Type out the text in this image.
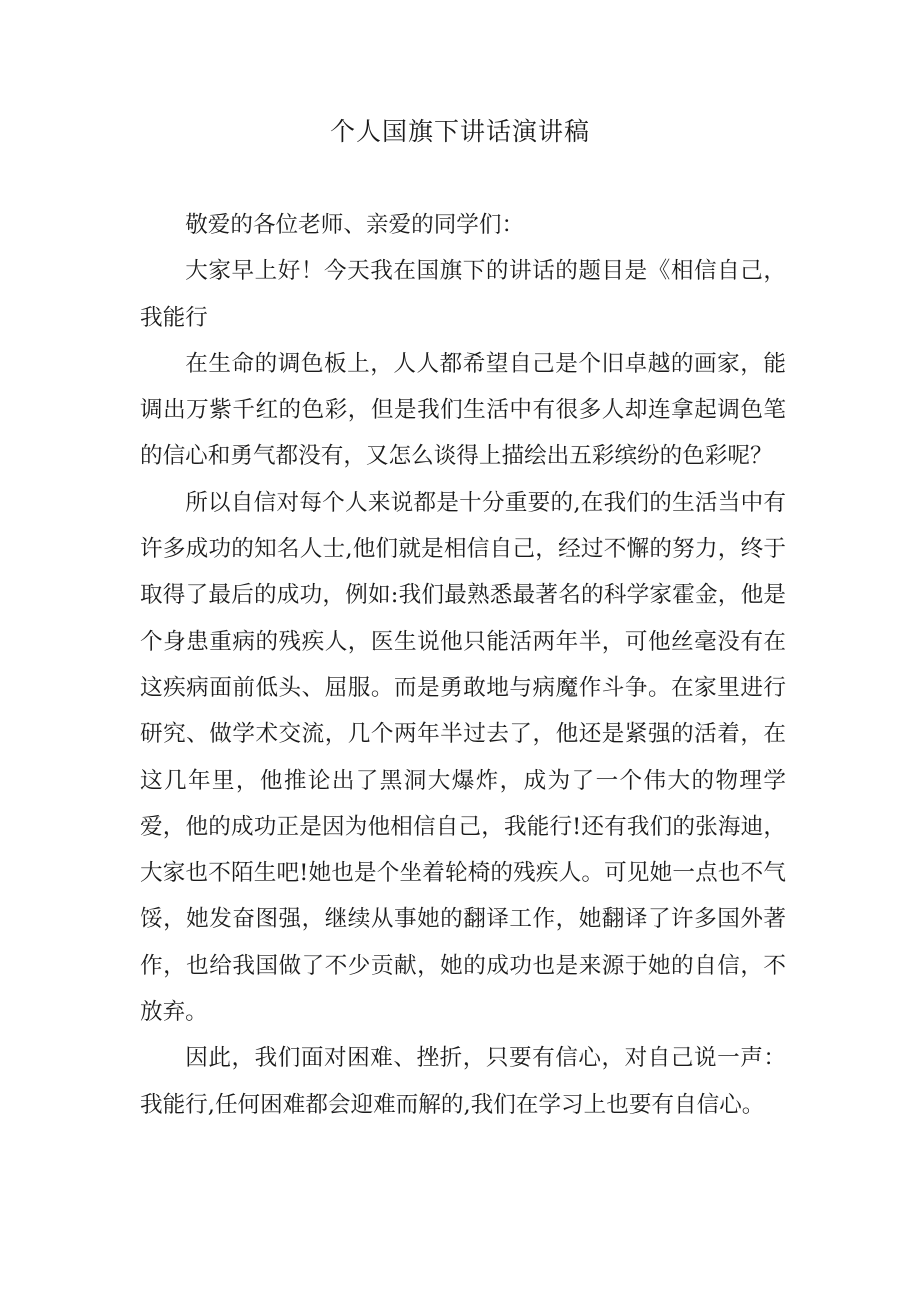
个人国旗下讲话演讲稿

敬爱的各位老师、亲爱的同学们：

大家早上好！今天我在国旗下的讲话的题目是《相信自己，我能行

在生命的调色板上，人人都希望自己是个旧卓越的画家，能调出万紫千红的色彩，但是我们生活中有很多人却连拿起调色笔的信心和勇气都没有，又怎么谈得上描绘出五彩缤纷的色彩呢？

所以自信对每个人来说都是十分重要的,在我们的生活当中有许多成功的知名人士,他们就是相信自己，经过不懈的努力，终于取得了最后的成功，例如:我们最熟悉最著名的科学家霍金，他是个身患重病的残疾人，医生说他只能活两年半，可他丝毫没有在这疾病面前低头、屈服。而是勇敢地与病魔作斗争。在家里进行研究、做学术交流，几个两年半过去了，他还是紧强的活着，在这几年里，他推论出了黑洞大爆炸，成为了一个伟大的物理学爱，他的成功正是因为他相信自己，我能行!还有我们的张海迪，大家也不陌生吧!她也是个坐着轮椅的残疾人。可见她一点也不气馁，她发奋图强，继续从事她的翻译工作，她翻译了许多国外著作，也给我国做了不少贡献，她的成功也是来源于她的自信，不放弃。

因此，我们面对困难、挫折，只要有信心，对自己说一声：我能行,任何困难都会迎难而解的,我们在学习上也要有自信心。
